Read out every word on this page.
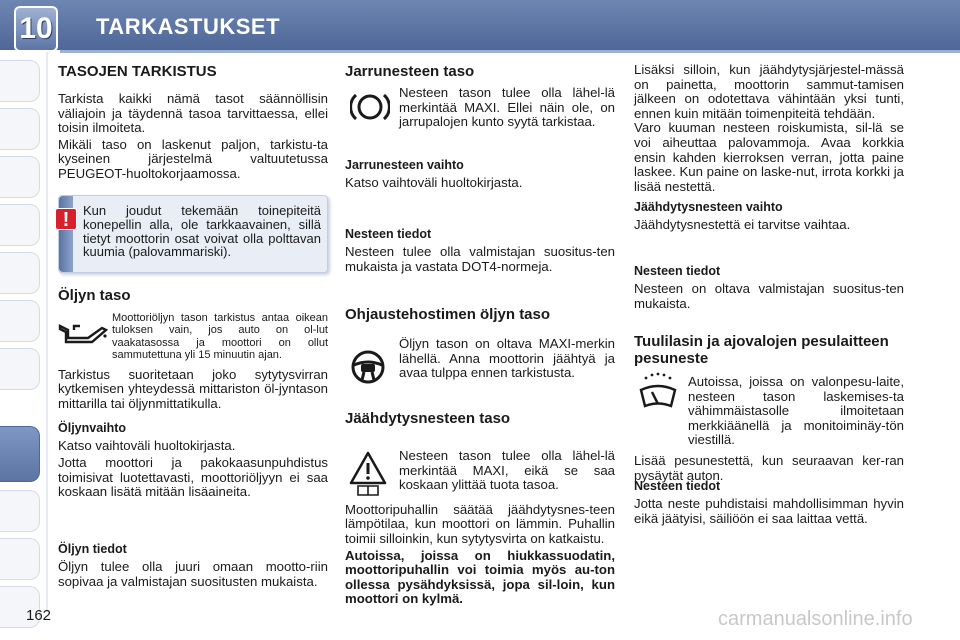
10 TARKASTUKSET
TASOJEN TARKISTUS

Tarkista kaikki nämä tasot säännöllisin väliajoin ja täydennä tasoa tarvittaessa, ellei toisin ilmoiteta.

Mikäli taso on laskenut paljon, tarkistu-ta kyseinen järjestelmä valtuutetussa PEUGEOT-huoltokorjaamossa.

!	Kun joudut tekemään toinepiteitä konepellin alla, ole tarkkaavainen, sillä tietyt moottorin osat voivat olla polttavan kuumia (palovammariski).
Öljyn taso

Moottoriöljyn tason tarkistus antaa oikean tuloksen vain, jos auto on ol-lut vaakatasossa ja moottori on ollut sammutettuna yli 15 minuutin ajan.

Tarkistus suoritetaan joko sytytysvirran kytkemisen yhteydessä mittariston öl-jyntason mittarilla tai öljynmittatikulla.

Öljynvaihto

Katso vaihtoväli huoltokirjasta.

Jotta moottori ja pakokaasunpuhdistus toimisivat luotettavasti, moottoriöljyyn ei saa koskaan lisätä mitään lisäaineita.

Öljyn tiedot

Öljyn tulee olla juuri omaan mootto-riin sopivaa ja valmistajan suositusten mukaista.

Jarrunesteen taso

Nesteen tason tulee olla lähel-lä merkintää MAXI. Ellei näin ole, on jarrupalojen kunto syytä tarkistaa.

Jarrunesteen vaihto

Katso vaihtoväli huoltokirjasta.

Nesteen tiedot

Nesteen tulee olla valmistajan suositus-ten mukaista ja vastata DOT4-normeja.

Ohjaustehostimen öljyn taso

Öljyn tason on oltava MAXI-merkin lähellä. Anna moottorin jäähtyä ja avaa tulppa ennen tarkistusta.

Jäähdytysnesteen taso

Nesteen tason tulee olla lähel-lä merkintää MAXI, eikä se saa koskaan ylittää tuota tasoa.

Moottoripuhallin säätää jäähdytysnes-teen lämpötilaa, kun moottori on lämmin. Puhallin toimii silloinkin, kun sytytysvirta on katkaistu.

Autoissa, joissa on hiukkassuodatin, moottoripuhallin voi toimia myös au-ton ollessa pysähdyksissä, jopa sil-loin, kun moottori on kylmä.

Lisäksi silloin, kun jäähdytysjärjestel-mässä on painetta, moottorin sammut-tamisen jälkeen on odotettava vähintään yksi tunti, ennen kuin mitään toimenpiteitä tehdään.

Varo kuuman nesteen roiskumista, sil-lä se voi aiheuttaa palovammoja. Avaa korkkia ensin kahden kierroksen verran, jotta paine laskee. Kun paine on laske-nut, irrota korkki ja lisää nestettä.

Jäähdytysnesteen vaihto

Jäähdytysnestettä ei tarvitse vaihtaa.

Nesteen tiedot

Nesteen on oltava valmistajan suositus-ten mukaista.

Tuulilasin ja ajovalojen pesulaitteen pesuneste

Autoissa, joissa on valonpesu-laite, nesteen tason laskemises-ta vähimmäistasolle ilmoitetaan merkkiäänellä ja monitoiminäy-tön viestillä.

Lisää pesunestettä, kun seuraavan ker-ran pysäytät auton.

Nesteen tiedot

Jotta neste puhdistaisi mahdollisimman hyvin eikä jäätyisi, säiliöön ei saa laittaa vettä.

162	carmanualsonline.info
